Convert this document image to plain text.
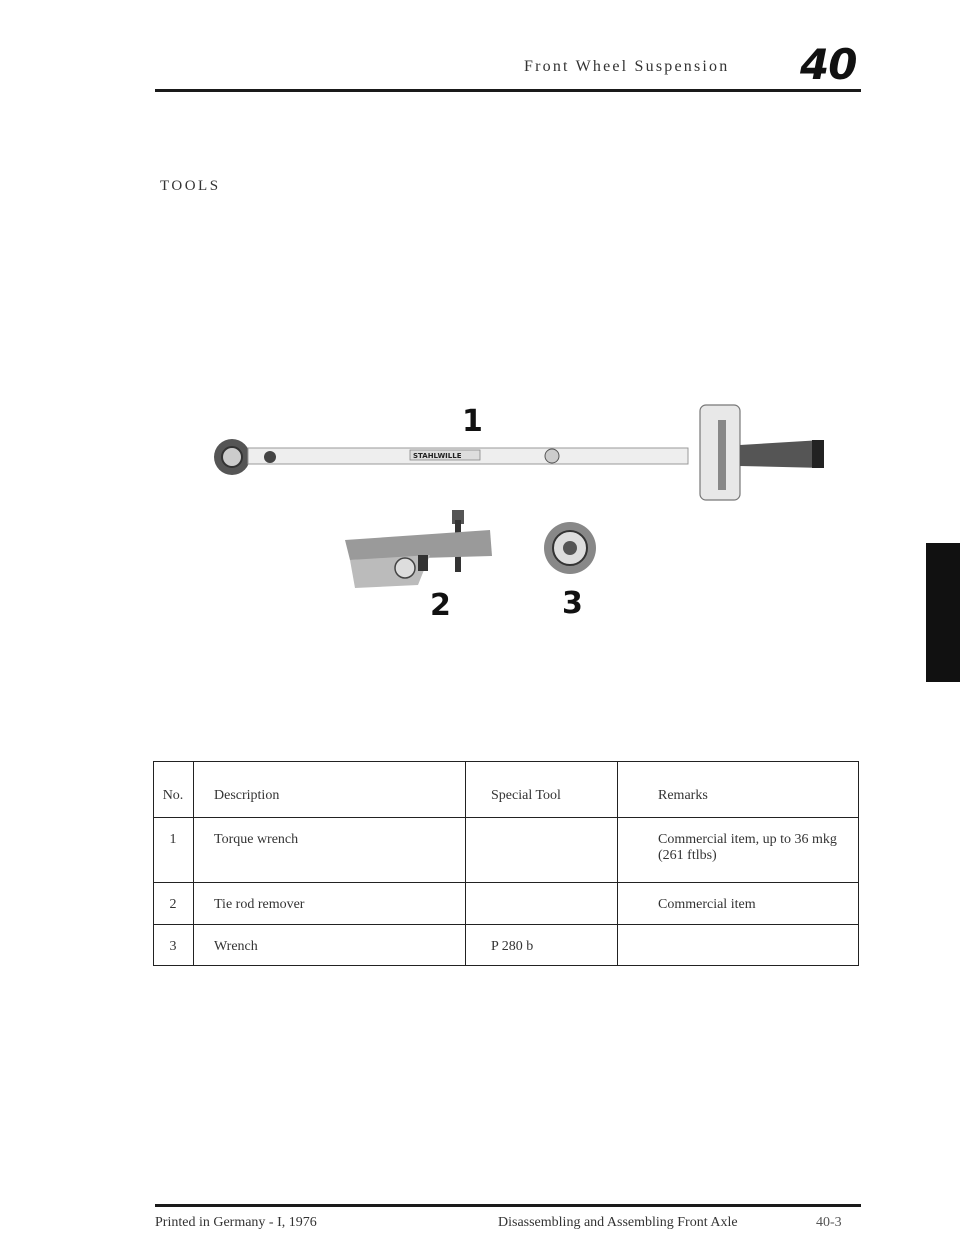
Front Wheel Suspension 40
TOOLS
STAHLWILLE
1
2	3
No.	Description	Special Tool	Remarks
1	Torque wrench		Commercial item, up to 36 mkg
(261 ftlbs)

2	Tie rod remover		Commercial item
3	Wrench	P 280 b	
Printed in Germany - I, 1976	Disassembling and Assembling Front Axle	40-3
